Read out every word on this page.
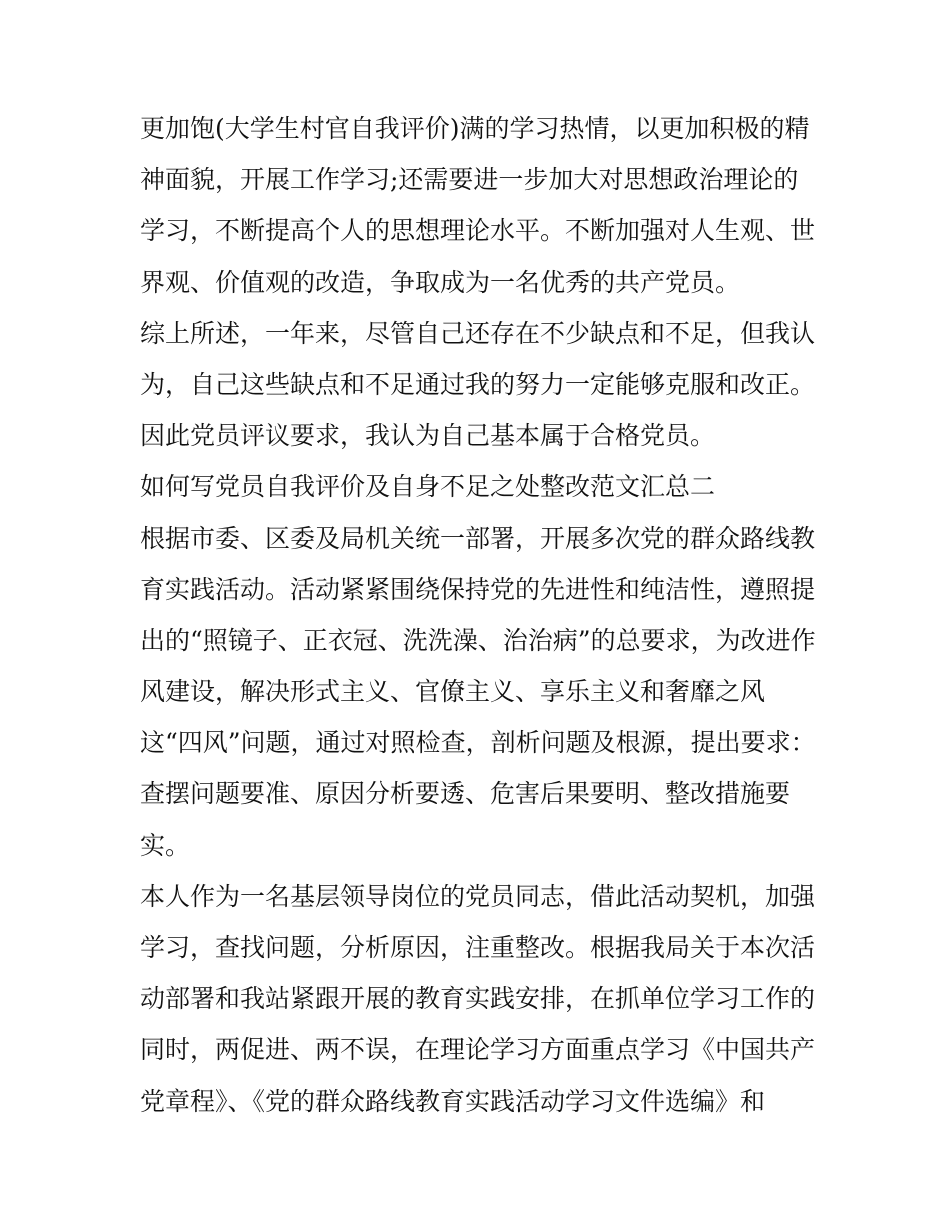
更加饱(大学生村官自我评价)满的学习热情，以更加积极的精
神面貌，开展工作学习;还需要进一步加大对思想政治理论的
学习，不断提高个人的思想理论水平。不断加强对人生观、世
界观、价值观的改造，争取成为一名优秀的共产党员。
综上所述，一年来，尽管自己还存在不少缺点和不足，但我认
为，自己这些缺点和不足通过我的努力一定能够克服和改正。
因此党员评议要求，我认为自己基本属于合格党员。
如何写党员自我评价及自身不足之处整改范文汇总二
根据市委、区委及局机关统一部署，开展多次党的群众路线教
育实践活动。活动紧紧围绕保持党的先进性和纯洁性，遵照提
出的“照镜子、正衣冠、洗洗澡、治治病”的总要求，为改进作
风建设，解决形式主义、官僚主义、享乐主义和奢靡之风
这“四风”问题，通过对照检查，剖析问题及根源，提出要求：
查摆问题要准、原因分析要透、危害后果要明、整改措施要
实。
本人作为一名基层领导岗位的党员同志，借此活动契机，加强
学习，查找问题，分析原因，注重整改。根据我局关于本次活
动部署和我站紧跟开展的教育实践安排，在抓单位学习工作的
同时，两促进、两不误，在理论学习方面重点学习《中国共产
党章程》、《党的群众路线教育实践活动学习文件选编》和
